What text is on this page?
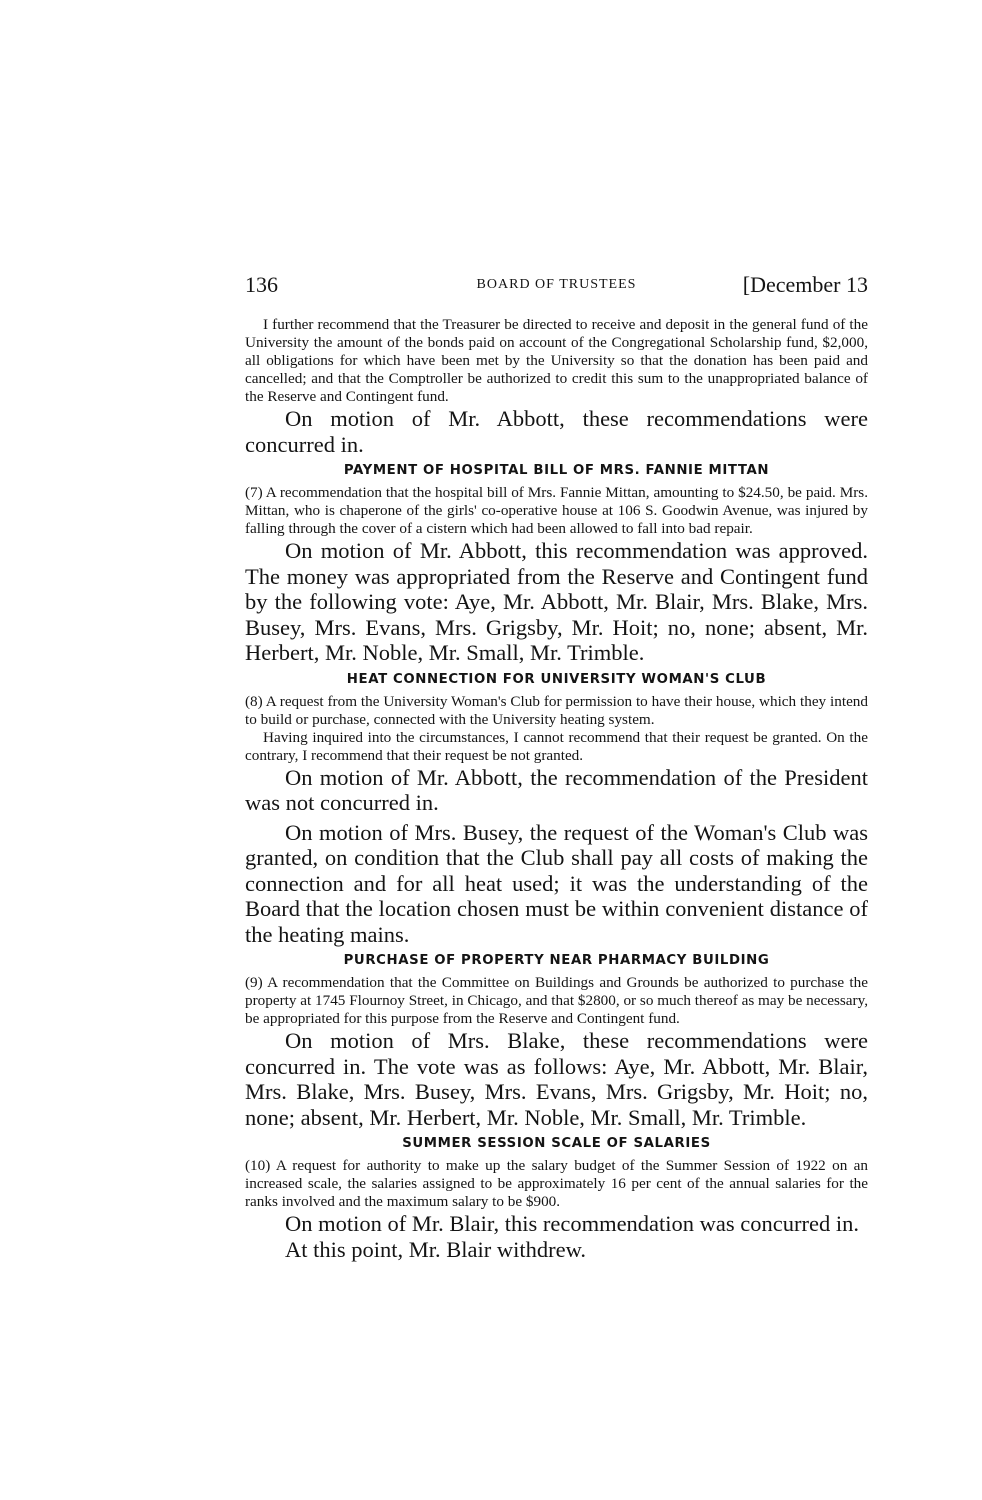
136	BOARD OF TRUSTEES	[December 13

I further recommend that the Treasurer be directed to receive and deposit in the general fund of the University the amount of the bonds paid on account of the Congregational Scholarship fund, $2,000, all obligations for which have been met by the University so that the donation has been paid and cancelled; and that the Comptroller be authorized to credit this sum to the unappropriated balance of the Reserve and Contingent fund.

On motion of Mr. Abbott, these recommendations were concurred in.

PAYMENT OF HOSPITAL BILL OF MRS. FANNIE MITTAN

(7) A recommendation that the hospital bill of Mrs. Fannie Mittan, amounting to $24.50, be paid. Mrs. Mittan, who is chaperone of the girls' co-operative house at 106 S. Goodwin Avenue, was injured by falling through the cover of a cistern which had been allowed to fall into bad repair.

On motion of Mr. Abbott, this recommendation was approved. The money was appropriated from the Reserve and Contingent fund by the following vote: Aye, Mr. Abbott, Mr. Blair, Mrs. Blake, Mrs. Busey, Mrs. Evans, Mrs. Grigsby, Mr. Hoit; no, none; absent, Mr. Herbert, Mr. Noble, Mr. Small, Mr. Trimble.

HEAT CONNECTION FOR UNIVERSITY WOMAN'S CLUB

(8) A request from the University Woman's Club for permission to have their house, which they intend to build or purchase, connected with the University heating system.

Having inquired into the circumstances, I cannot recommend that their request be granted. On the contrary, I recommend that their request be not granted.

On motion of Mr. Abbott, the recommendation of the President was not concurred in.

On motion of Mrs. Busey, the request of the Woman's Club was granted, on condition that the Club shall pay all costs of making the connection and for all heat used; it was the understanding of the Board that the location chosen must be within convenient distance of the heating mains.

PURCHASE OF PROPERTY NEAR PHARMACY BUILDING

(9) A recommendation that the Committee on Buildings and Grounds be authorized to purchase the property at 1745 Flournoy Street, in Chicago, and that $2800, or so much thereof as may be necessary, be appropriated for this purpose from the Reserve and Contingent fund.

On motion of Mrs. Blake, these recommendations were concurred in. The vote was as follows: Aye, Mr. Abbott, Mr. Blair, Mrs. Blake, Mrs. Busey, Mrs. Evans, Mrs. Grigsby, Mr. Hoit; no, none; absent, Mr. Herbert, Mr. Noble, Mr. Small, Mr. Trimble.

SUMMER SESSION SCALE OF SALARIES

(10) A request for authority to make up the salary budget of the Summer Session of 1922 on an increased scale, the salaries assigned to be approximately 16 per cent of the annual salaries for the ranks involved and the maximum salary to be $900.

On motion of Mr. Blair, this recommendation was concurred in.

At this point, Mr. Blair withdrew.
